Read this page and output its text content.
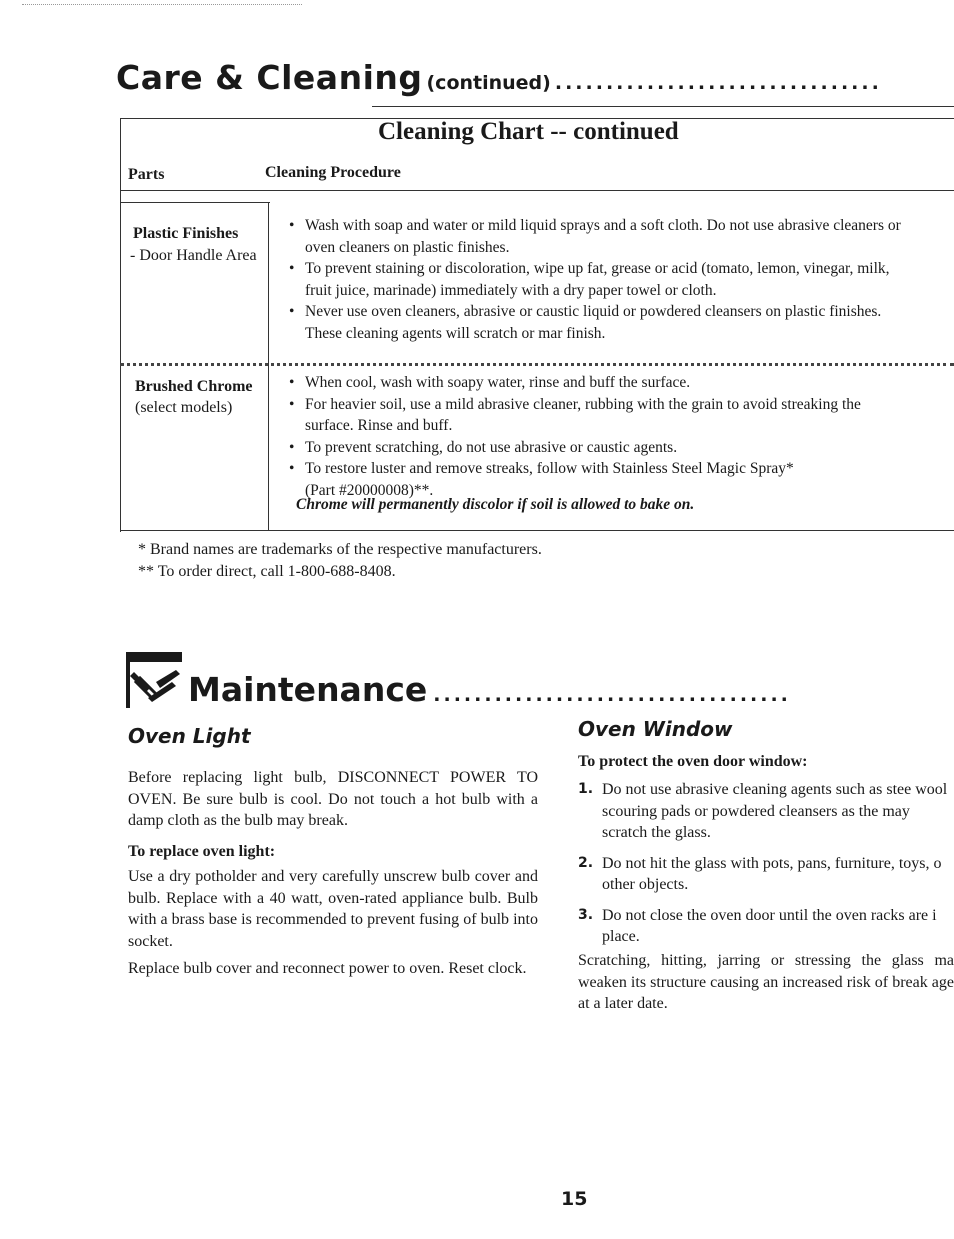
Care & Cleaning (continued) ................................
Cleaning Chart -- continued
Parts	Cleaning Procedure
Plastic Finishes
- Door Handle Area
• Wash with soap and water or mild liquid sprays and a soft cloth. Do not use abrasive cleaners or
oven cleaners on plastic finishes.
• To prevent staining or discoloration, wipe up fat, grease or acid (tomato, lemon, vinegar, milk,
fruit juice, marinade) immediately with a dry paper towel or cloth.
• Never use oven cleaners, abrasive or caustic liquid or powdered cleansers on plastic finishes.
These cleaning agents will scratch or mar finish.
Brushed Chrome
(select models)
• When cool, wash with soapy water, rinse and buff the surface.
• For heavier soil, use a mild abrasive cleaner, rubbing with the grain to avoid streaking the
surface. Rinse and buff.
• To prevent scratching, do not use abrasive or caustic agents.
• To restore luster and remove streaks, follow with Stainless Steel Magic Spray*
(Part #20000008)**.
Chrome will permanently discolor if soil is allowed to bake on.
* Brand names are trademarks of the respective manufacturers.
** To order direct, call 1-800-688-8408.
Maintenance ...................................
Oven Light
Before replacing light bulb, DISCONNECT POWER TO OVEN. Be sure bulb is cool. Do not touch a hot bulb with a damp cloth as the bulb may break.
To replace oven light:
Use a dry potholder and very carefully unscrew bulb cover and bulb. Replace with a 40 watt, oven-rated appliance bulb. Bulb with a brass base is recommended to prevent fusing of bulb into socket.
Replace bulb cover and reconnect power to oven. Reset clock.
Oven Window
To protect the oven door window:
1. Do not use abrasive cleaning agents such as stee wool scouring pads or powdered cleansers as the may scratch the glass.
2. Do not hit the glass with pots, pans, furniture, toys, o other objects.
3. Do not close the oven door until the oven racks are i place.
Scratching, hitting, jarring or stressing the glass ma weaken its structure causing an increased risk of break age at a later date.
15
